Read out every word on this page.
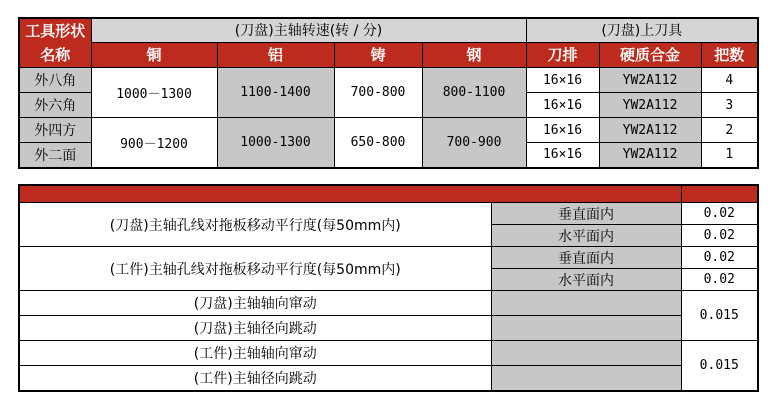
工具形状
名称	(刀盘)主轴转速(转 / 分)				(刀盘)上刀具		
	铜	铝	铸	钢	刀排	硬质合金	把数
外八角	1000－1300	1100-1400	700-800	800-1100	16×16	YW2A112	4
外六角					16×16	YW2A112	3
外四方	900－1200	1000-1300	650-800	700-900	16×16	YW2A112	2
外二面					16×16	YW2A112	1

(刀盘)主轴孔线对拖板移动平行度(每50mm内)	垂直面内	0.02
	水平面内	0.02
(工件)主轴孔线对拖板移动平行度(每50mm内)	垂直面内	0.02
	水平面内	0.02
(刀盘)主轴轴向窜动		0.015
(刀盘)主轴径向跳动		
(工件)主轴轴向窜动		0.015
(工件)主轴径向跳动		
